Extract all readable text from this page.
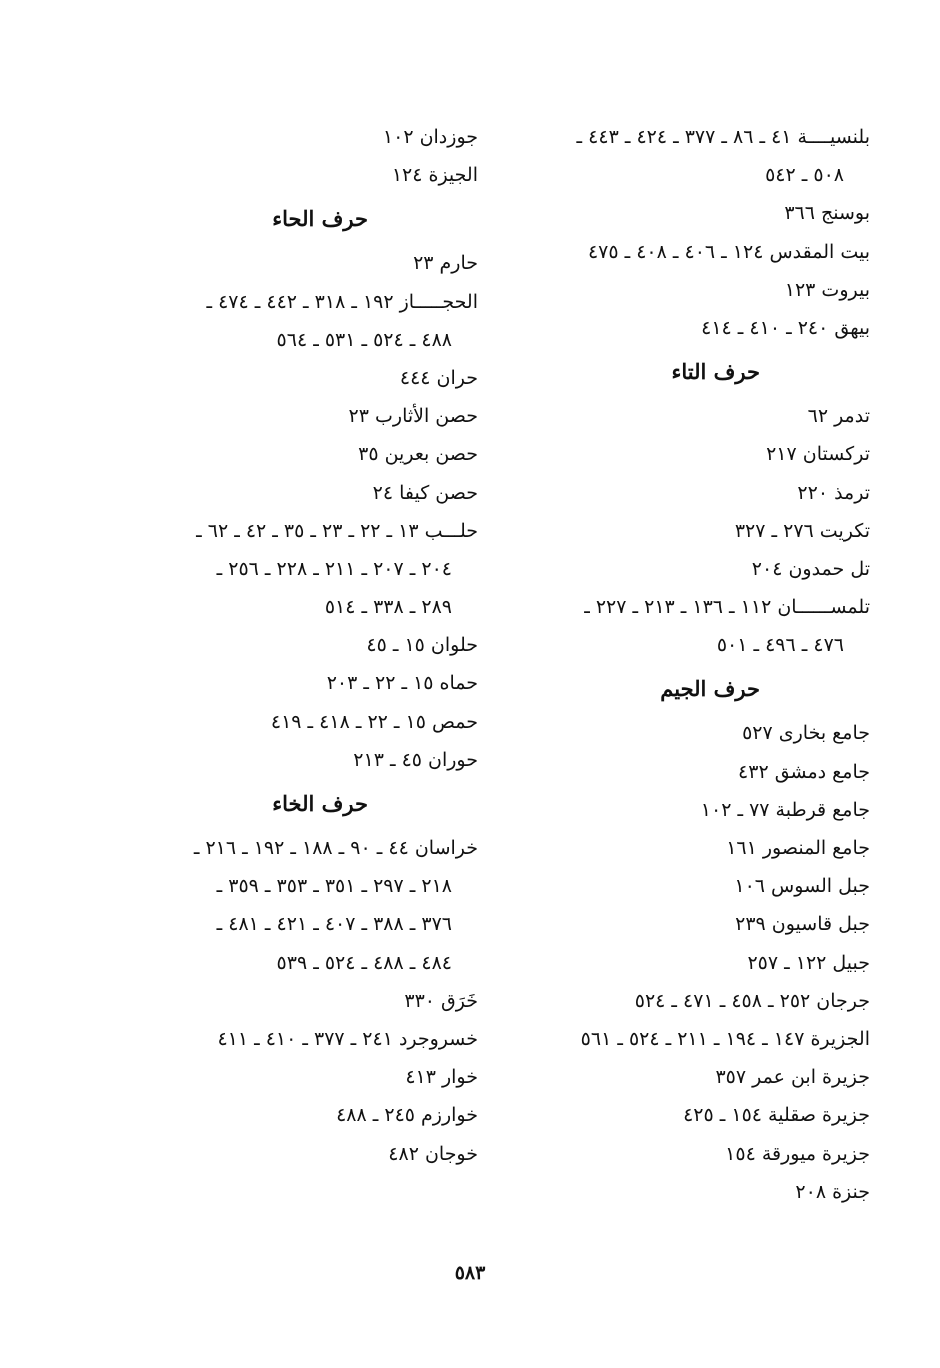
بلنسيــــة ٤١ ـ ٨٦ ـ ٣٧٧ ـ ٤٢٤ ـ ٤٤٣ ـ
٥٠٨ ـ ٥٤٢
بوسنج ٣٦٦
بيت المقدس ١٢٤ ـ ٤٠٦ ـ ٤٠٨ ـ ٤٧٥
بيروت ١٢٣
بيهق ٢٤٠ ـ ٤١٠ ـ ٤١٤
حرف التاء
تدمر ٦٢
تركستان ٢١٧
ترمذ ٢٢٠
تكريت ٢٧٦ ـ ٣٢٧
تل حمدون ٢٠٤
تلمســــــان ١١٢ ـ ١٣٦ ـ ٢١٣ ـ ٢٢٧ ـ
٤٧٦ ـ ٤٩٦ ـ ٥٠١
حرف الجيم
جامع بخارى ٥٢٧
جامع دمشق ٤٣٢
جامع قرطبة ٧٧ ـ ١٠٢
جامع المنصور ١٦١
جبل السوس ١٠٦
جبل قاسيون ٢٣٩
جبيل ١٢٢ ـ ٢٥٧
جرجان ٢٥٢ ـ ٤٥٨ ـ ٤٧١ ـ ٥٢٤
الجزيرة ١٤٧ ـ ١٩٤ ـ ٢١١ ـ ٥٢٤ ـ ٥٦١
جزيرة ابن عمر ٣٥٧
جزيرة صقلية ١٥٤ ـ ٤٢٥
جزيرة ميورقة ١٥٤
جنزة ٢٠٨
جوزدان ١٠٢
الجيزة ١٢٤
حرف الحاء
حارم ٢٣
الحجـــــاز ١٩٢ ـ ٣١٨ ـ ٤٤٢ ـ ٤٧٤ ـ
٤٨٨ ـ ٥٢٤ ـ ٥٣١ ـ ٥٦٤
حران ٤٤٤
حصن الأثارب ٢٣
حصن بعرين ٣٥
حصن كيفا ٢٤
حلـــب ١٣ ـ ٢٢ ـ ٢٣ ـ ٣٥ ـ ٤٢ ـ ٦٢ ـ
٢٠٤ ـ ٢٠٧ ـ ٢١١ ـ ٢٢٨ ـ ٢٥٦ ـ
٢٨٩ ـ ٣٣٨ ـ ٥١٤
حلوان ١٥ ـ ٤٥
حماه ١٥ ـ ٢٢ ـ ٢٠٣
حمص ١٥ ـ ٢٢ ـ ٤١٨ ـ ٤١٩
حوران ٤٥ ـ ٢١٣
حرف الخاء
خراسان ٤٤ ـ ٩٠ ـ ١٨٨ ـ ١٩٢ ـ ٢١٦ ـ
٢١٨ ـ ٢٩٧ ـ ٣٥١ ـ ٣٥٣ ـ ٣٥٩ ـ
٣٧٦ ـ ٣٨٨ ـ ٤٠٧ ـ ٤٢١ ـ ٤٨١ ـ
٤٨٤ ـ ٤٨٨ ـ ٥٢٤ ـ ٥٣٩
خَرَق ٣٣٠
خسروجرد ٢٤١ ـ ٣٧٧ ـ ٤١٠ ـ ٤١١
خوار ٤١٣
خوارزم ٢٤٥ ـ ٤٨٨
خوجان ٤٨٢
٥٨٣
